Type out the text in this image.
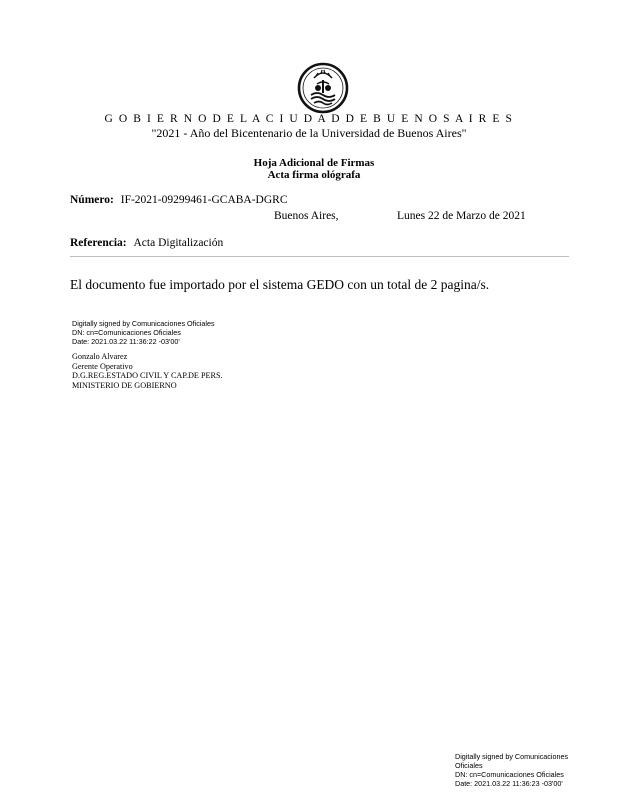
G O B I E R N O D E L A C I U D A D D E B U E N O S A I R E S
"2021 - Año del Bicentenario de la Universidad de Buenos Aires"
Hoja Adicional de Firmas
Acta firma ológrafa
Número: IF-2021-09299461-GCABA-DGRC
Buenos Aires,	Lunes 22 de Marzo de 2021
Referencia: Acta Digitalización
El documento fue importado por el sistema GEDO con un total de 2 pagina/s.
Digitally signed by Comunicaciones Oficiales
DN: cn=Comunicaciones Oficiales
Date: 2021.03.22 11:36:22 -03'00'
Gonzalo Alvarez
Gerente Operativo
D.G.REG.ESTADO CIVIL Y CAP.DE PERS.
MINISTERIO DE GOBIERNO
Digitally signed by Comunicaciones
Oficiales
DN: cn=Comunicaciones Oficiales
Date: 2021.03.22 11:36:23 -03'00'
